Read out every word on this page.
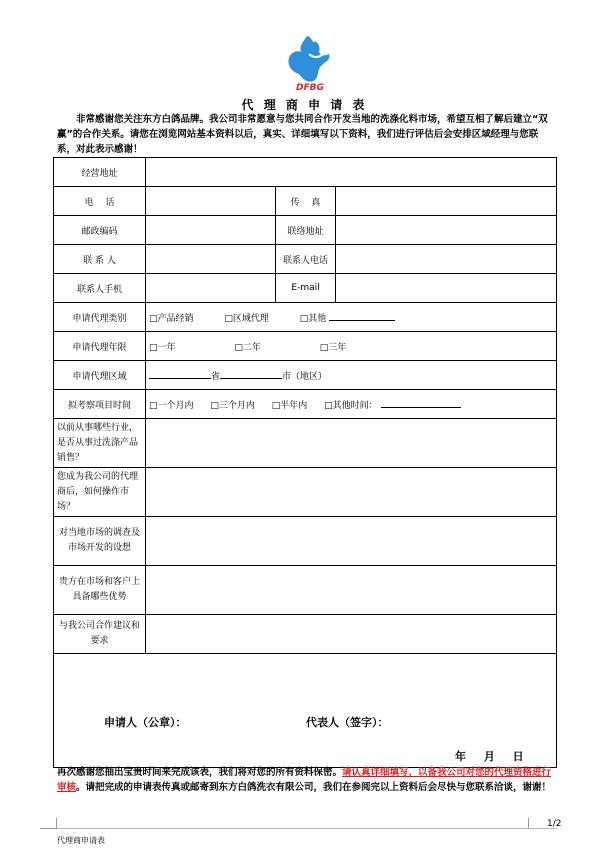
DFBG
代 理 商 申 请 表
非常感谢您关注东方白鸽品牌。我公司非常愿意与您共同合作开发当地的洗涤化料市场，希望互相了解后建立“双赢”的合作关系。请您在浏览网站基本资料以后，真实、详细填写以下资料，我们进行评估后会安排区域经理与您联系，对此表示感谢！
经营地址			
电　 话		传　 真	
邮政编码		联络地址	
联 系 人		联系人电话	
联系人手机		E-mail	
申请代理类别	□产品经销 □区域代理 □其他		
申请代理年限	□一年 □二年 □三年		
申请代理区域	省 市（地区）		
拟考察项目时间	□一个月内 □三个月内 □半年内 □其他时间：		
以前从事哪些行业，是否从事过洗涤产品销售？			
您成为我公司的代理商后，如何操作市场？			
对当地市场的调查及市场开发的设想			
贵方在市场和客户上具备哪些优势			
与我公司合作建议和要求			

申请人（公章）：	代表人（签字）：
年 月 日
再次感谢您抽出宝贵时间来完成该表，我们将对您的所有资料保密。请认真详细填写，以备我公司对您的代理资格进行审核。请把完成的申请表传真或邮寄到东方白鸽洗衣有限公司，我们在参阅完以上资料后会尽快与您联系洽谈，谢谢！
1/2
代理商申请表
